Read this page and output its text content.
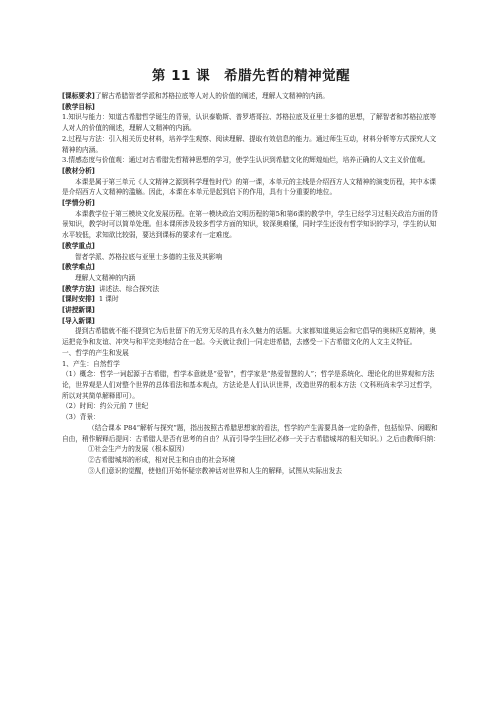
第 11 课　希腊先哲的精神觉醒

[课标要求]了解古希腊智者学派和苏格拉底等人对人的价值的阐述，理解人文精神的内涵。

[教学目标]

1.知识与能力：知道古希腊哲学诞生的背景，认识泰勒斯、普罗塔哥拉、苏格拉底及亚里士多德的思想，了解智者和苏格拉底等人对人的价值的阐述，理解人文精神的内涵。

2.过程与方法：引入相关历史材料，培养学生观察、阅读理解、提取有效信息的能力。通过师生互动，材料分析等方式探究人文精神的内涵。

3.情感态度与价值观：通过对古希腊先哲精神思想的学习，使学生认识到希腊文化的辉煌灿烂，培养正确的人文主义价值观。

[教材分析]

本课是属于第三单元《人文精神之源到科学理性时代》的第一课，本单元的主线是介绍西方人文精神的演变历程，其中本课是介绍西方人文精神的滥觞。因此，本课在本单元是起到启下的作用，具有十分重要的地位。

[学情分析]

本课教学位于第三模块文化发展历程。在第一模块政治文明历程的第5和第6课的教学中，学生已经学习过相关政治方面的背景知识，教学时可以简单处理。但本课所涉及较多哲学方面的知识，较深奥难懂，同时学生还没有哲学知识的学习，学生的认知水平较低，求知欲比较弱，要达到课标的要求有一定难度。

[教学重点]

智者学派、苏格拉底与亚里士多德的主张及其影响

[教学难点]

理解人文精神的内涵

[教学方法] 讲述法、综合探究法

[课时安排] 1 课时

[讲授新课]

[导入新课]

提到古希腊就不能不提到它为后世留下的无穷无尽的具有永久魅力的话题。大家都知道奥运会和它倡导的奥林匹克精神，奥运把竞争和友谊、冲突与和平完美地结合在一起。今天就让我们一同走进希腊，去感受一下古希腊文化的人文主义特征。

一、哲学的产生和发展

1、产生：自然哲学

（1）概念：哲学一词起源于古希腊，哲学本意就是“爱智”，哲学家是“热爱智慧的人”；哲学是系统化、理论化的世界观和方法论，世界观是人们对整个世界的总体看法和基本观点，方法论是人们认识世界，改造世界的根本方法（文科班尚未学习过哲学，所以对其简单解释即可）。

（2）时间：约公元前 7 世纪

（3）背景：

（结合课本 P84“解析与探究”题，指出按照古希腊思想家的看法，哲学的产生需要具备一定的条件，包括惊异、闲暇和自由，稍作解释后提问：古希腊人是否有思考的自由？从而引导学生回忆必修一关于古希腊城邦的相关知识。）之后由教师归纳：

①社会生产力的发展（根本原因）

②古希腊城邦的形成，相对民主和自由的社会环境

③人们意识的觉醒，使他们开始怀疑宗教神话对世界和人生的解释，试图从实际出发去
